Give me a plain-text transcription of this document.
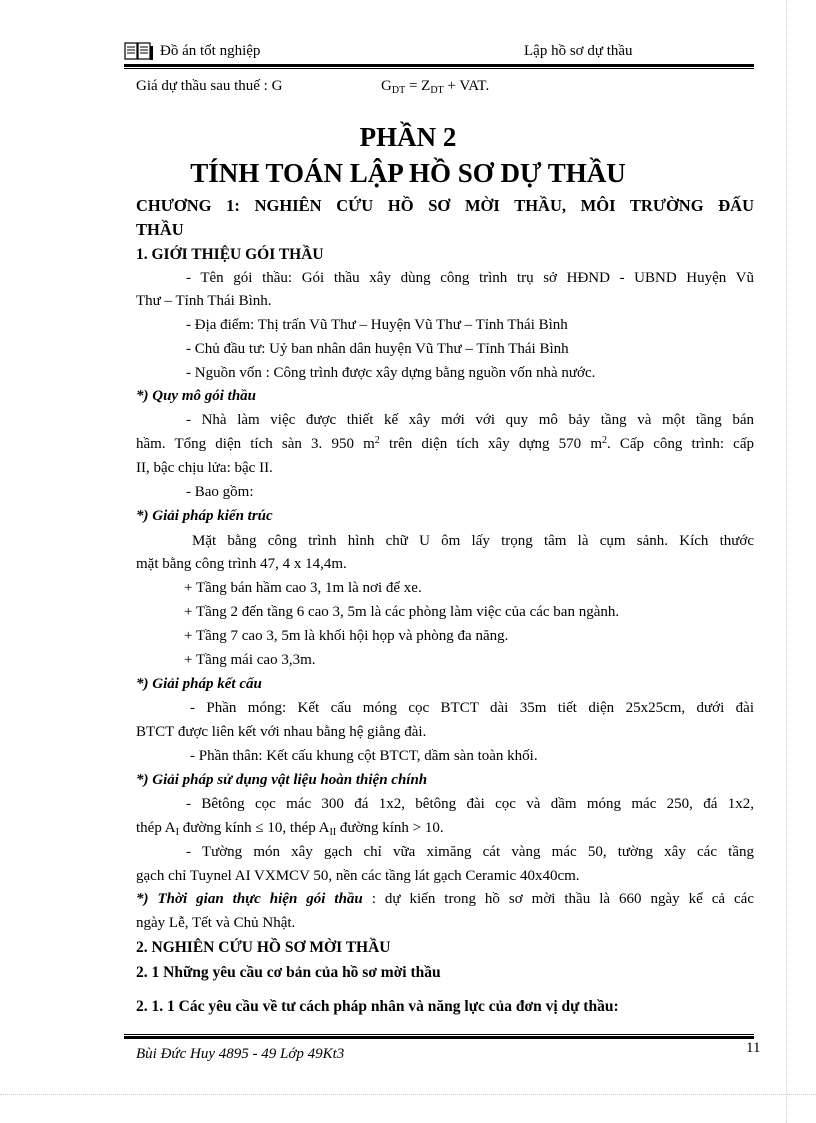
Đồ án tốt nghiệp	Lập hồ sơ dự thầu
Giá dự thầu sau thuế : G	$G_{DT} = Z_{DT}$ + VAT.
PHẦN 2
TÍNH TOÁN LẬP HỒ SƠ DỰ THẦU
CHƯƠNG 1: NGHIÊN CỨU HỒ SƠ MỜI THẦU, MÔI TRƯỜNG ĐẤU
THẦU
1. GIỚI THIỆU GÓI THẦU
- Tên gói thầu: Gói thầu xây dùng công trình trụ sở HĐND - UBND Huyện Vũ
Thư – Tỉnh Thái Bình.
- Địa điểm: Thị trấn Vũ Thư – Huyện Vũ Thư – Tỉnh Thái Bình
- Chủ đầu tư: Uỷ ban nhân dân huyện Vũ Thư – Tỉnh Thái Bình
- Nguồn vốn : Công trình được xây dựng bằng nguồn vốn nhà nước.
*) Quy mô gói thầu
- Nhà làm việc được thiết kế xây mới với quy mô bảy tầng và một tầng bán
hầm. Tổng diện tích sàn 3. 950 $m^2$ trên diện tích xây dựng 570 $m^2$. Cấp công trình: cấp
II, bậc chịu lửa: bậc II.
- Bao gồm:
*) Giải pháp kiến trúc
Mặt bằng công trình hình chữ U ôm lấy trọng tâm là cụm sảnh. Kích thước
mặt bằng công trình 47, 4 x 14,4m.
+ Tầng bán hầm cao 3, 1m là nơi để xe.
+ Tầng 2 đến tầng 6 cao 3, 5m là các phòng làm việc của các ban ngành.
+ Tầng 7 cao 3, 5m là khối hội họp và phòng đa năng.
+ Tầng mái cao 3,3m.
*) Giải pháp kết cấu
- Phần móng: Kết cấu móng cọc BTCT dài 35m tiết diện 25x25cm, dưới đài
BTCT được liên kết với nhau bằng hệ giằng đài.
- Phần thân: Kết cấu khung cột BTCT, dầm sàn toàn khối.
*) Giải pháp sử dụng vật liệu hoàn thiện chính
- Bêtông cọc mác 300 đá 1x2, bêtông đài cọc và dầm móng mác 250, đá 1x2,
thép $A_I$ đường kính ≤ 10, thép $A_{II}$ đường kính > 10.
- Tường món xây gạch chỉ vữa ximăng cát vàng mác 50, tường xây các tầng
gạch chỉ Tuynel AI VXMCV 50, nền các tầng lát gạch Ceramic 40x40cm.
*) Thời gian thực hiện gói thầu : dự kiến trong hồ sơ mời thầu là 660 ngày kể cả các
ngày Lễ, Tết và Chủ Nhật.
2. NGHIÊN CỨU HỒ SƠ MỜI THẦU
2. 1 Những yêu cầu cơ bản của hồ sơ mời thầu
2. 1. 1 Các yêu cầu về tư cách pháp nhân và năng lực của đơn vị dự thầu:
Bùi Đức Huy 4895 - 49 Lớp 49Kt3	11
